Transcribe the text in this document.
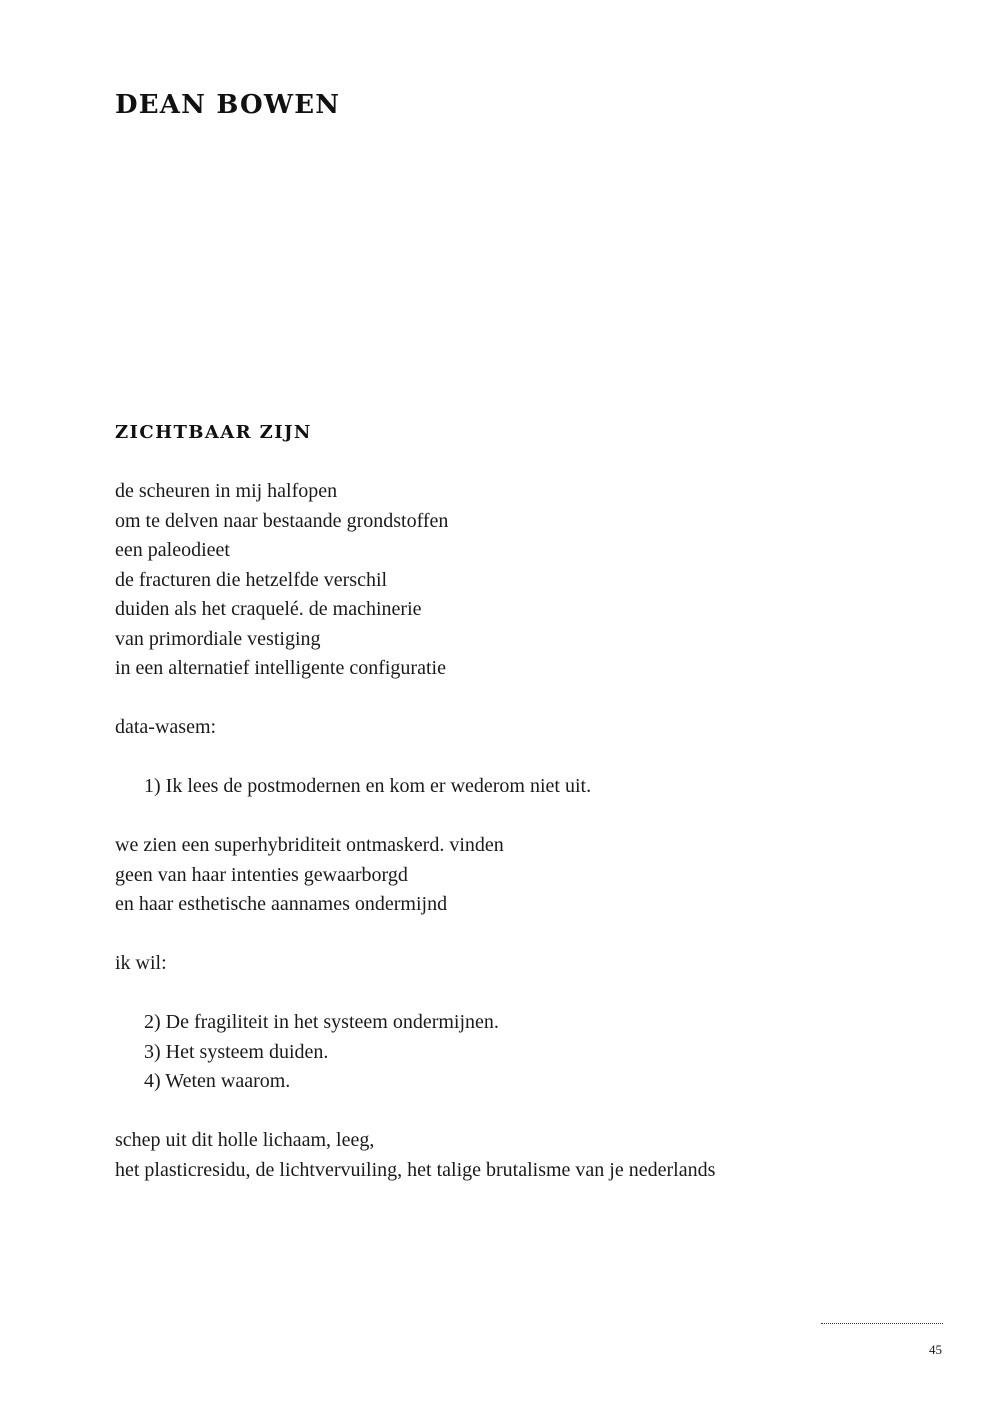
DEAN BOWEN
ZICHTBAAR ZIJN
de scheuren in mij halfopen
om te delven naar bestaande grondstoffen
een paleodieet
de fracturen die hetzelfde verschil
duiden als het craquelé. de machinerie
van primordiale vestiging
in een alternatief intelligente configuratie
data-wasem:
1) Ik lees de postmodernen en kom er wederom niet uit.
we zien een superhybriditeit ontmaskerd. vinden
geen van haar intenties gewaarborgd
en haar esthetische aannames ondermijnd
ik wil:
2) De fragiliteit in het systeem ondermijnen.
3) Het systeem duiden.
4) Weten waarom.
schep uit dit holle lichaam, leeg,
het plasticresidu, de lichtvervuiling, het talige brutalisme van je nederlands

45
